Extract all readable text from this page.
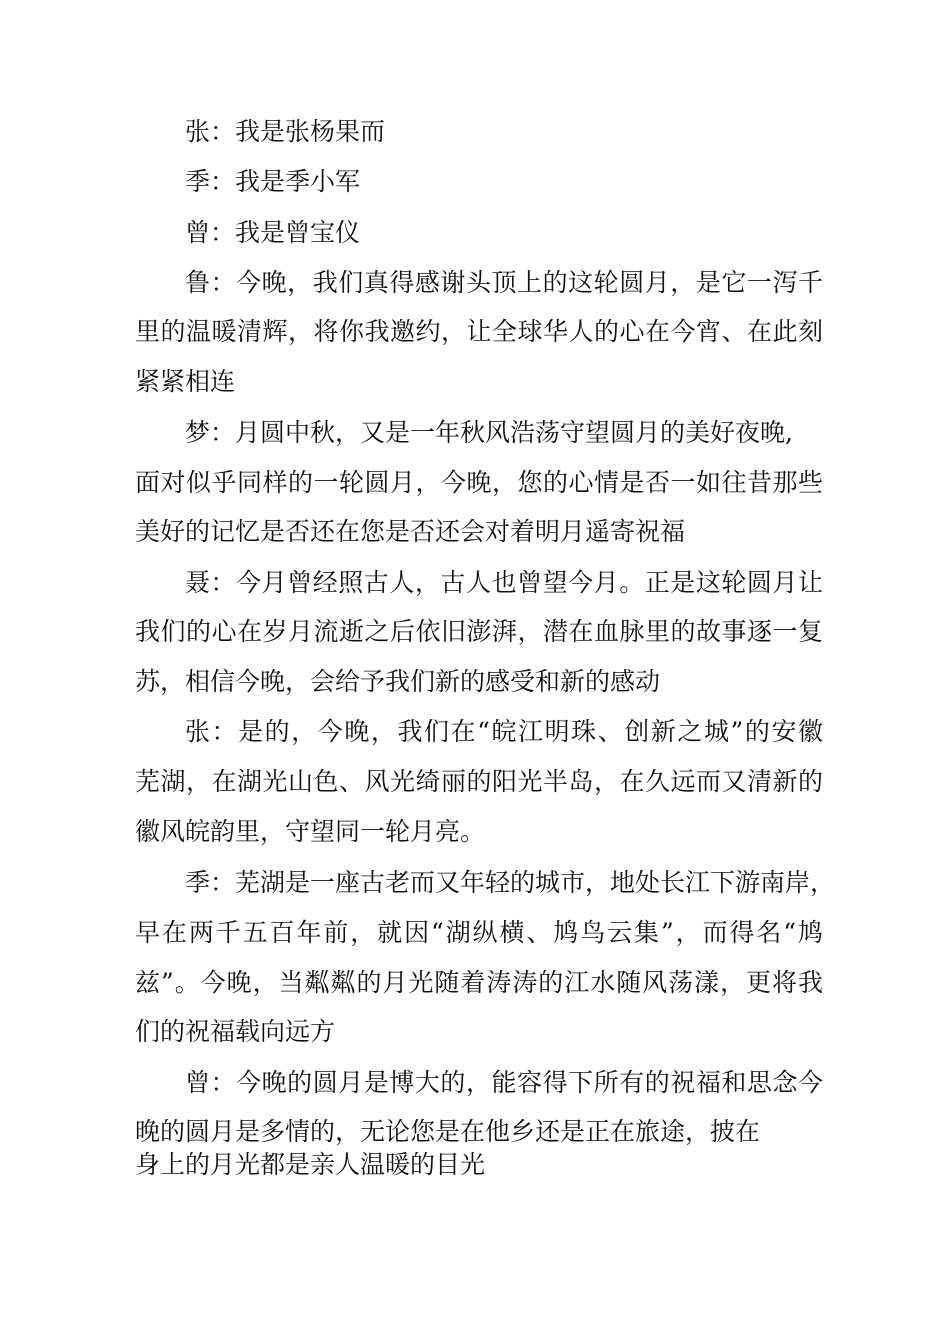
张：我是张杨果而
季：我是季小军
曾：我是曾宝仪
鲁：今晚，我们真得感谢头顶上的这轮圆月，是它一泻千
里的温暖清辉，将你我邀约，让全球华人的心在今宵、在此刻
紧紧相连
梦：月圆中秋，又是一年秋风浩荡守望圆月的美好夜晚,
面对似乎同样的一轮圆月，今晚，您的心情是否一如往昔那些
美好的记忆是否还在您是否还会对着明月遥寄祝福
聂：今月曾经照古人，古人也曾望今月。正是这轮圆月让
我们的心在岁月流逝之后依旧澎湃，潜在血脉里的故事逐一复
苏，相信今晚，会给予我们新的感受和新的感动
张：是的，今晚，我们在“皖江明珠、创新之城”的安徽
芜湖，在湖光山色、风光绮丽的阳光半岛，在久远而又清新的
徽风皖韵里，守望同一轮月亮。
季：芜湖是一座古老而又年轻的城市，地处长江下游南岸，
早在两千五百年前，就因“湖纵横、鸠鸟云集”，而得名“鸠
兹”。今晚，当粼粼的月光随着涛涛的江水随风荡漾，更将我
们的祝福载向远方
曾：今晚的圆月是博大的，能容得下所有的祝福和思念今
晚的圆月是多情的，无论您是在他乡还是正在旅途，披在
身上的月光都是亲人温暖的目光
